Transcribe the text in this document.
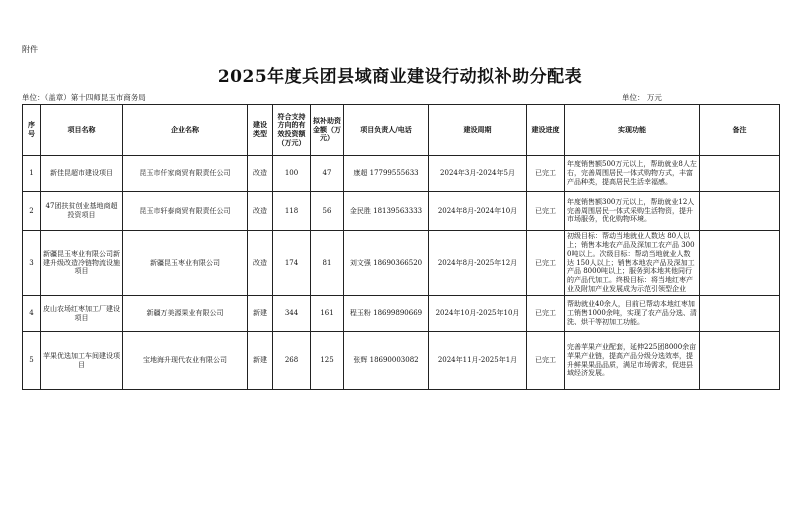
附件
2025年度兵团县域商业建设行动拟补助分配表
单位：（盖章）第十四师昆玉市商务局	单位： 万元
序号	项目名称	企业名称	建设类型	符合支持方向的有效投资额（万元）	拟补助资金额（万元）	项目负责人/电话	建设周期	建设进度	实现功能	备注
1	新佳昆超市建设项目	昆玉市仟家商贸有限责任公司	改造	100	47	康超 17799555633	2024年3月-2024年5月	已完工	年度销售额500万元以上，帮助就业8人左右，完善周围居民一体式购物方式，丰富产品种类，提高居民生活幸福感。	
2	47团扶贫创业基地商超投资项目	昆玉市轩泰商贸有限责任公司	改造	118	56	金民胜 18139563333	2024年8月-2024年10月	已完工	年度销售额300万元以上，帮助就业12人完善周围居民一体式采购生活物资，提升市场服务，优化购物环境。	
3	新疆昆玉枣业有限公司新建升级改造冷链物流设施项目	新疆昆玉枣业有限公司	改造	174	81	刘文强 18690366520	2024年8月-2025年12月	已完工	初级目标：帮动当地就业人数达 80人以上；销售本地农产品及深加工农产品 3000吨以上。次级目标：帮动当地就业人数达 150人以上；销售本地农产品及深加工产品 8000吨以上；服务到本地其他同行的产品代加工。终极目标：将当地红枣产业及附加产业发展成为示范引领型企业	
4	皮山农场红枣加工厂建设项目	新疆万美源果业有限公司	新建	344	161	程玉粉 18699890669	2024年10月-2025年10月	已完工	帮助就业40余人，目前已帮动本地红枣加工销售1000余吨，实现了农产品分选、清洗、烘干等初加工功能。	
5	苹果优选加工车间建设项目	宝地海升现代农业有限公司	新建	268	125	张辉 18690003082	2024年11月-2025年1月	已完工	完善苹果产业配套，延伸225团8000余亩苹果产业链，提高产品分级分选效率，提升鲜果果品品质，满足市场需求，促进县域经济发展。	
